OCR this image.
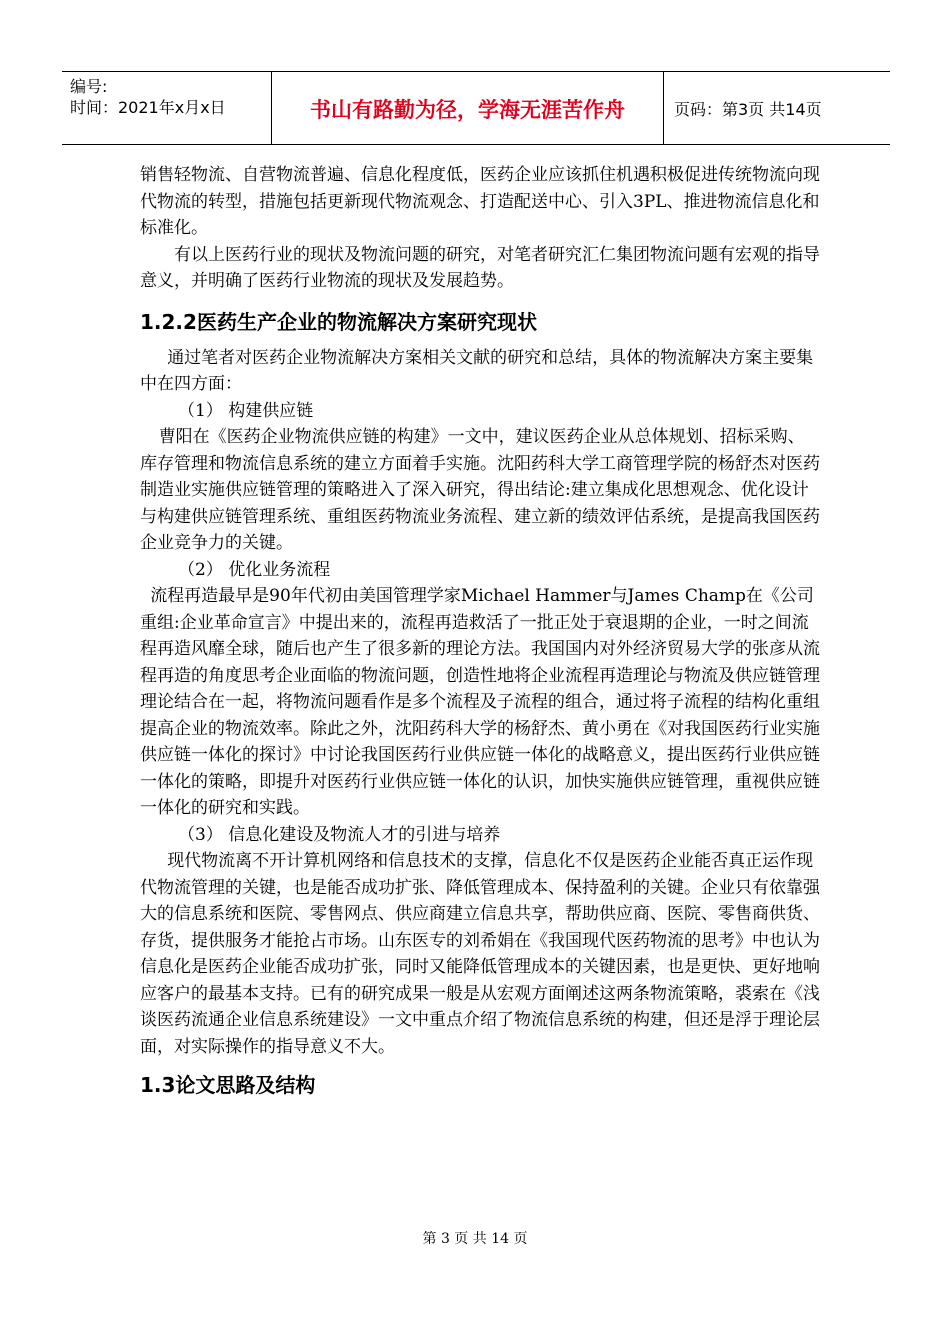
编号:
时间：2021年x月x日	书山有路勤为径，学海无涯苦作舟	页码：第3页 共14页

销售轻物流、自营物流普遍、信息化程度低，医药企业应该抓住机遇积极促进传统物流向现代物流的转型，措施包括更新现代物流观念、打造配送中心、引入3PL、推进物流信息化和标准化。

有以上医药行业的现状及物流问题的研究，对笔者研究汇仁集团物流问题有宏观的指导意义，并明确了医药行业物流的现状及发展趋势。

1.2.2医药生产企业的物流解决方案研究现状

通过笔者对医药企业物流解决方案相关文献的研究和总结，具体的物流解决方案主要集中在四方面：

（1） 构建供应链

曹阳在《医药企业物流供应链的构建》一文中，建议医药企业从总体规划、招标采购、库存管理和物流信息系统的建立方面着手实施。沈阳药科大学工商管理学院的杨舒杰对医药制造业实施供应链管理的策略进入了深入研究，得出结论:建立集成化思想观念、优化设计与构建供应链管理系统、重组医药物流业务流程、建立新的绩效评估系统，是提高我国医药企业竞争力的关键。

（2） 优化业务流程

流程再造最早是90年代初由美国管理学家Michael Hammer与James Champ在《公司重组:企业革命宣言》中提出来的，流程再造救活了一批正处于衰退期的企业，一时之间流程再造风靡全球，随后也产生了很多新的理论方法。我国国内对外经济贸易大学的张彦从流程再造的角度思考企业面临的物流问题，创造性地将企业流程再造理论与物流及供应链管理理论结合在一起，将物流问题看作是多个流程及子流程的组合，通过将子流程的结构化重组提高企业的物流效率。除此之外，沈阳药科大学的杨舒杰、黄小勇在《对我国医药行业实施供应链一体化的探讨》中讨论我国医药行业供应链一体化的战略意义，提出医药行业供应链一体化的策略，即提升对医药行业供应链一体化的认识，加快实施供应链管理，重视供应链一体化的研究和实践。

（3） 信息化建设及物流人才的引进与培养

现代物流离不开计算机网络和信息技术的支撑，信息化不仅是医药企业能否真正运作现代物流管理的关键，也是能否成功扩张、降低管理成本、保持盈利的关键。企业只有依靠强大的信息系统和医院、零售网点、供应商建立信息共享，帮助供应商、医院、零售商供货、存货，提供服务才能抢占市场。山东医专的刘希娟在《我国现代医药物流的思考》中也认为信息化是医药企业能否成功扩张，同时又能降低管理成本的关键因素，也是更快、更好地响应客户的最基本支持。已有的研究成果一般是从宏观方面阐述这两条物流策略，裘索在《浅谈医药流通企业信息系统建设》一文中重点介绍了物流信息系统的构建，但还是浮于理论层面，对实际操作的指导意义不大。

1.3论文思路及结构

第 3 页 共 14 页
